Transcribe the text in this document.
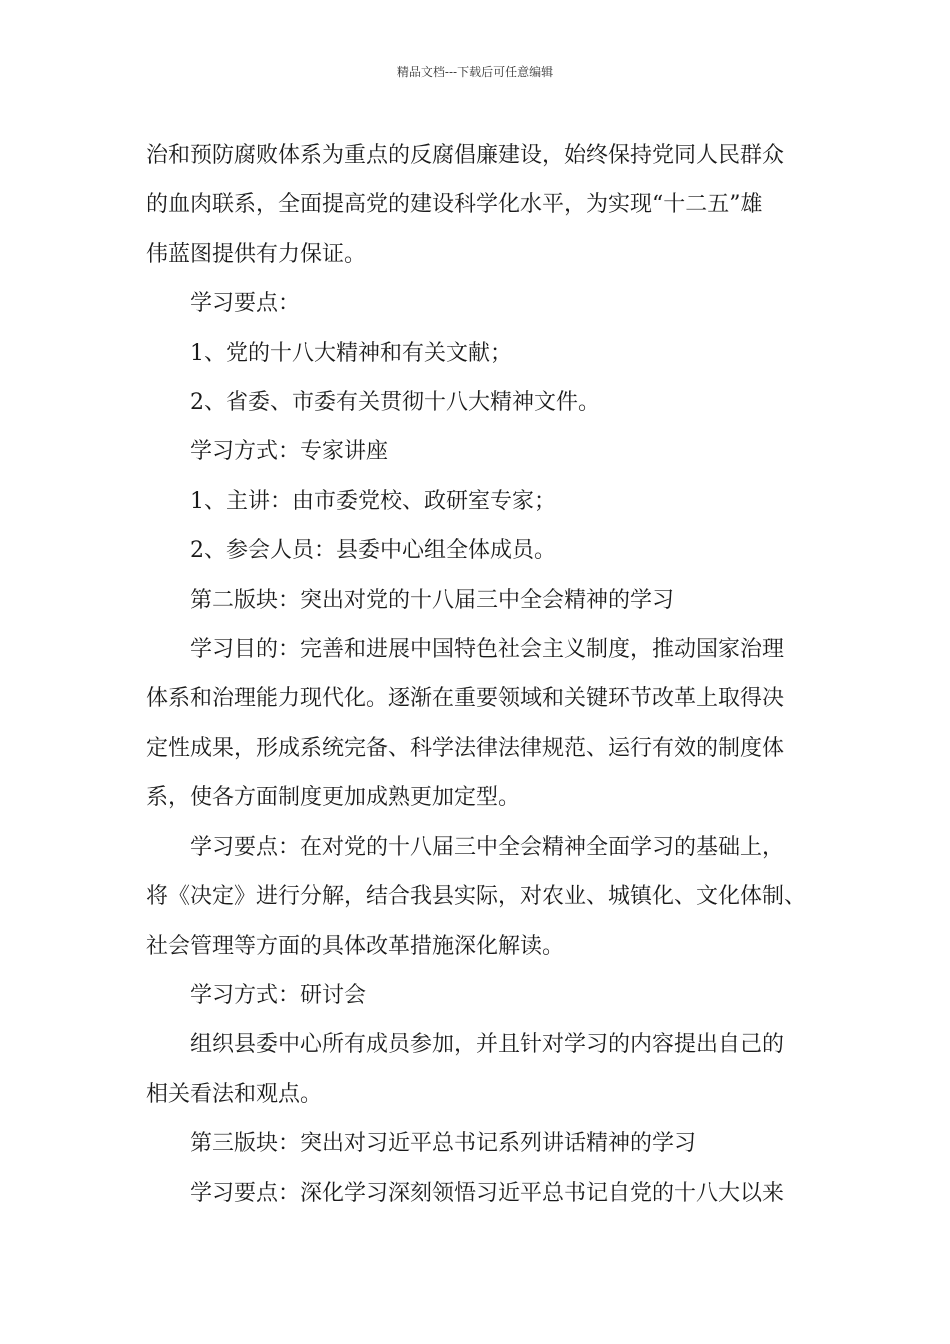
精品文档---下载后可任意编辑

治和预防腐败体系为重点的反腐倡廉建设，始终保持党同人民群众

的血肉联系，全面提高党的建设科学化水平，为实现“十二五”雄

伟蓝图提供有力保证。

学习要点：

1、党的十八大精神和有关文献；

2、省委、市委有关贯彻十八大精神文件。

学习方式：专家讲座

1、主讲：由市委党校、政研室专家；

2、参会人员：县委中心组全体成员。

第二版块：突出对党的十八届三中全会精神的学习

学习目的：完善和进展中国特色社会主义制度，推动国家治理

体系和治理能力现代化。逐渐在重要领域和关键环节改革上取得决

定性成果，形成系统完备、科学法律法律规范、运行有效的制度体

系，使各方面制度更加成熟更加定型。

学习要点：在对党的十八届三中全会精神全面学习的基础上，

将《决定》进行分解，结合我县实际，对农业、城镇化、文化体制、

社会管理等方面的具体改革措施深化解读。

学习方式：研讨会

组织县委中心所有成员参加，并且针对学习的内容提出自己的

相关看法和观点。

第三版块：突出对习近平总书记系列讲话精神的学习

学习要点：深化学习深刻领悟习近平总书记自党的十八大以来
